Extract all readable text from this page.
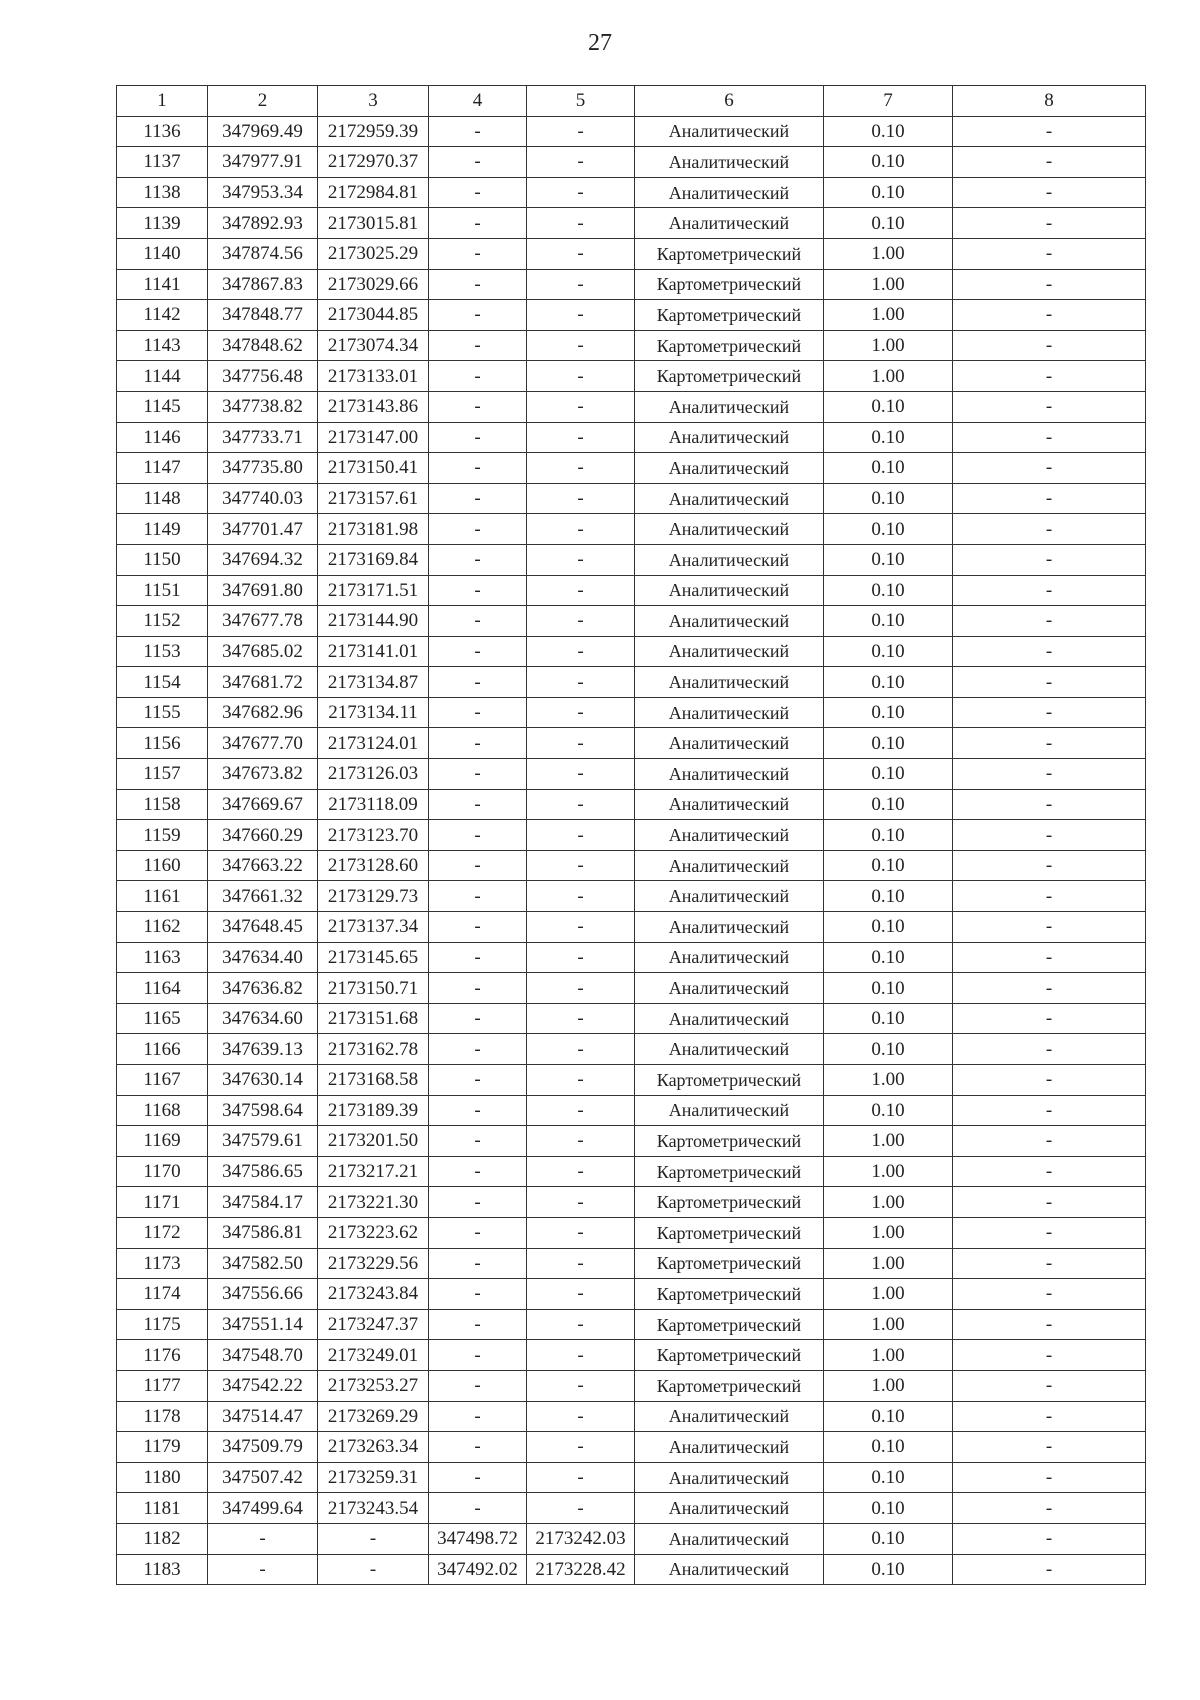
27
1	2	3	4	5	6	7	8
1136	347969.49	2172959.39	-	-	Аналитический	0.10	-
1137	347977.91	2172970.37	-	-	Аналитический	0.10	-
1138	347953.34	2172984.81	-	-	Аналитический	0.10	-
1139	347892.93	2173015.81	-	-	Аналитический	0.10	-
1140	347874.56	2173025.29	-	-	Картометрический	1.00	-
1141	347867.83	2173029.66	-	-	Картометрический	1.00	-
1142	347848.77	2173044.85	-	-	Картометрический	1.00	-
1143	347848.62	2173074.34	-	-	Картометрический	1.00	-
1144	347756.48	2173133.01	-	-	Картометрический	1.00	-
1145	347738.82	2173143.86	-	-	Аналитический	0.10	-
1146	347733.71	2173147.00	-	-	Аналитический	0.10	-
1147	347735.80	2173150.41	-	-	Аналитический	0.10	-
1148	347740.03	2173157.61	-	-	Аналитический	0.10	-
1149	347701.47	2173181.98	-	-	Аналитический	0.10	-
1150	347694.32	2173169.84	-	-	Аналитический	0.10	-
1151	347691.80	2173171.51	-	-	Аналитический	0.10	-
1152	347677.78	2173144.90	-	-	Аналитический	0.10	-
1153	347685.02	2173141.01	-	-	Аналитический	0.10	-
1154	347681.72	2173134.87	-	-	Аналитический	0.10	-
1155	347682.96	2173134.11	-	-	Аналитический	0.10	-
1156	347677.70	2173124.01	-	-	Аналитический	0.10	-
1157	347673.82	2173126.03	-	-	Аналитический	0.10	-
1158	347669.67	2173118.09	-	-	Аналитический	0.10	-
1159	347660.29	2173123.70	-	-	Аналитический	0.10	-
1160	347663.22	2173128.60	-	-	Аналитический	0.10	-
1161	347661.32	2173129.73	-	-	Аналитический	0.10	-
1162	347648.45	2173137.34	-	-	Аналитический	0.10	-
1163	347634.40	2173145.65	-	-	Аналитический	0.10	-
1164	347636.82	2173150.71	-	-	Аналитический	0.10	-
1165	347634.60	2173151.68	-	-	Аналитический	0.10	-
1166	347639.13	2173162.78	-	-	Аналитический	0.10	-
1167	347630.14	2173168.58	-	-	Картометрический	1.00	-
1168	347598.64	2173189.39	-	-	Аналитический	0.10	-
1169	347579.61	2173201.50	-	-	Картометрический	1.00	-
1170	347586.65	2173217.21	-	-	Картометрический	1.00	-
1171	347584.17	2173221.30	-	-	Картометрический	1.00	-
1172	347586.81	2173223.62	-	-	Картометрический	1.00	-
1173	347582.50	2173229.56	-	-	Картометрический	1.00	-
1174	347556.66	2173243.84	-	-	Картометрический	1.00	-
1175	347551.14	2173247.37	-	-	Картометрический	1.00	-
1176	347548.70	2173249.01	-	-	Картометрический	1.00	-
1177	347542.22	2173253.27	-	-	Картометрический	1.00	-
1178	347514.47	2173269.29	-	-	Аналитический	0.10	-
1179	347509.79	2173263.34	-	-	Аналитический	0.10	-
1180	347507.42	2173259.31	-	-	Аналитический	0.10	-
1181	347499.64	2173243.54	-	-	Аналитический	0.10	-
1182	-	-	347498.72	2173242.03	Аналитический	0.10	-
1183	-	-	347492.02	2173228.42	Аналитический	0.10	-
